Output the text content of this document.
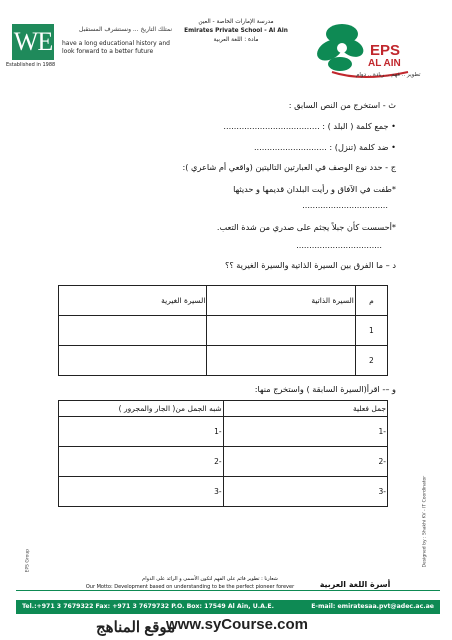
WE
Established in 1988
نمتلك التاريخ ... ونستشرف المستقبل
have a long educational history and look forward to a better future
مدرسة الإمارات الخاصة - العين
Emirates Private School - Al Ain
مادة : اللغة العربية
EPS
AL AIN
تطوير .. فهم .. ريادة .. دوام
ث - استخرج من النص السابق :
• جمع كلمة ( البلد ) : .....................................
• ضد كلمة (تنزل) : ............................
ج - حدد نوع الوصف في العبارتين التاليتين (واقعي أم شاعري ):
*طفت في الآفاق و رأيت البلدان قديمها و حديثها
.................................
*أحسست كأن جبلاً يجثم على صدري من شدة التعب.
.................................
د – ما الفرق بين السيرة الذاتية والسيرة الغيرية ؟؟
السيرة الغيرية	السيرة الذاتية	م
		1
		2
و –- اقرأ(السيرة السابقة ) واستخرج منها:
شبه الجمل من( الجار والمجرور )	جمل فعلية
-1	-1
-2	-2
-3	-3
EPS Group	Designed by : Shakhi KV - IT Coordinator
شعارنا : تطوير قائم على الفهم لتكون الأسمى و الرائد على الدوام
Our Motto: Development based on understanding to be the perfect pioneer forever	أسرة اللغة العربية
Tel.:+971 3 7679322 Fax: +971 3 7679732 P.O. Box: 17549 Al Ain, U.A.E.	E-mail: emiratesaa.pvt@adec.ac.ae
موقع المناهج
www.syCourse.com
